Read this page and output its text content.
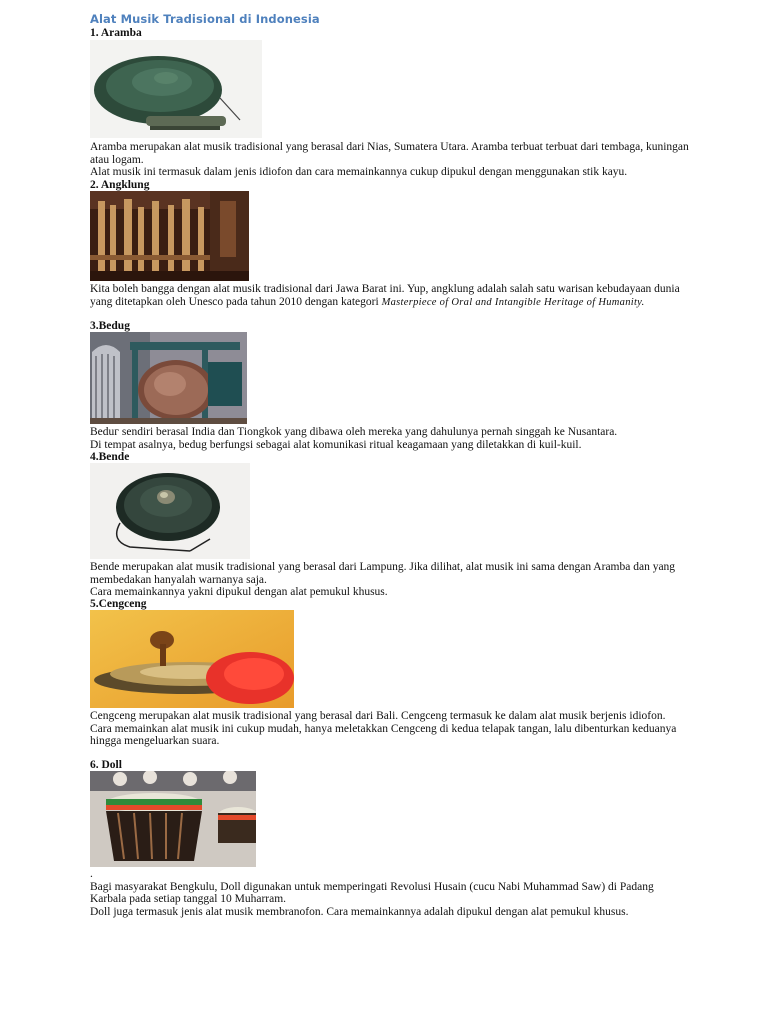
Alat Musik Tradisional di Indonesia
1. Aramba

Aramba merupakan alat musik tradisional yang berasal dari Nias, Sumatera Utara. Aramba terbuat terbuat dari tembaga, kuningan atau logam.

Alat musik ini termasuk dalam jenis idiofon dan cara memainkannya cukup dipukul dengan menggunakan stik kayu.

2. Angklung

Kita boleh bangga dengan alat musik tradisional dari Jawa Barat ini. Yup, angklung adalah salah satu warisan kebudayaan dunia yang ditetapkan oleh Unesco pada tahun 2010 dengan kategori Masterpiece of Oral and Intangible Heritage of Humanity.

3.Bedug

Beduг sendiri berasal India dan Tiongkok yang dibawa oleh mereka yang dahulunya pernah singgah ke Nusantara.

Di tempat asalnya, bedug berfungsi sebagai alat komunikasi ritual keagamaan yang diletakkan di kuil-kuil.

4.Bende

Bende merupakan alat musik tradisional yang berasal dari Lampung. Jika dilihat, alat musik ini sama dengan Aramba dan yang membedakan hanyalah warnanya saja.

Cara memainkannya yakni dipukul dengan alat pemukul khusus.

5.Cengceng

Cengceng merupakan alat musik tradisional yang berasal dari Bali. Cengceng termasuk ke dalam alat musik berjenis idiofon.

Cara memainkan alat musik ini cukup mudah, hanya meletakkan Cengceng di kedua telapak tangan, lalu dibenturkan keduanya hingga mengeluarkan suara.

6. Doll

.

Bagi masyarakat Bengkulu, Doll digunakan untuk memperingati Revolusi Husain (cucu Nabi Muhammad Saw) di Padang Karbala pada setiap tanggal 10 Muharram.

Doll juga termasuk jenis alat musik membranofon. Cara memainkannya adalah dipukul dengan alat pemukul khusus.
